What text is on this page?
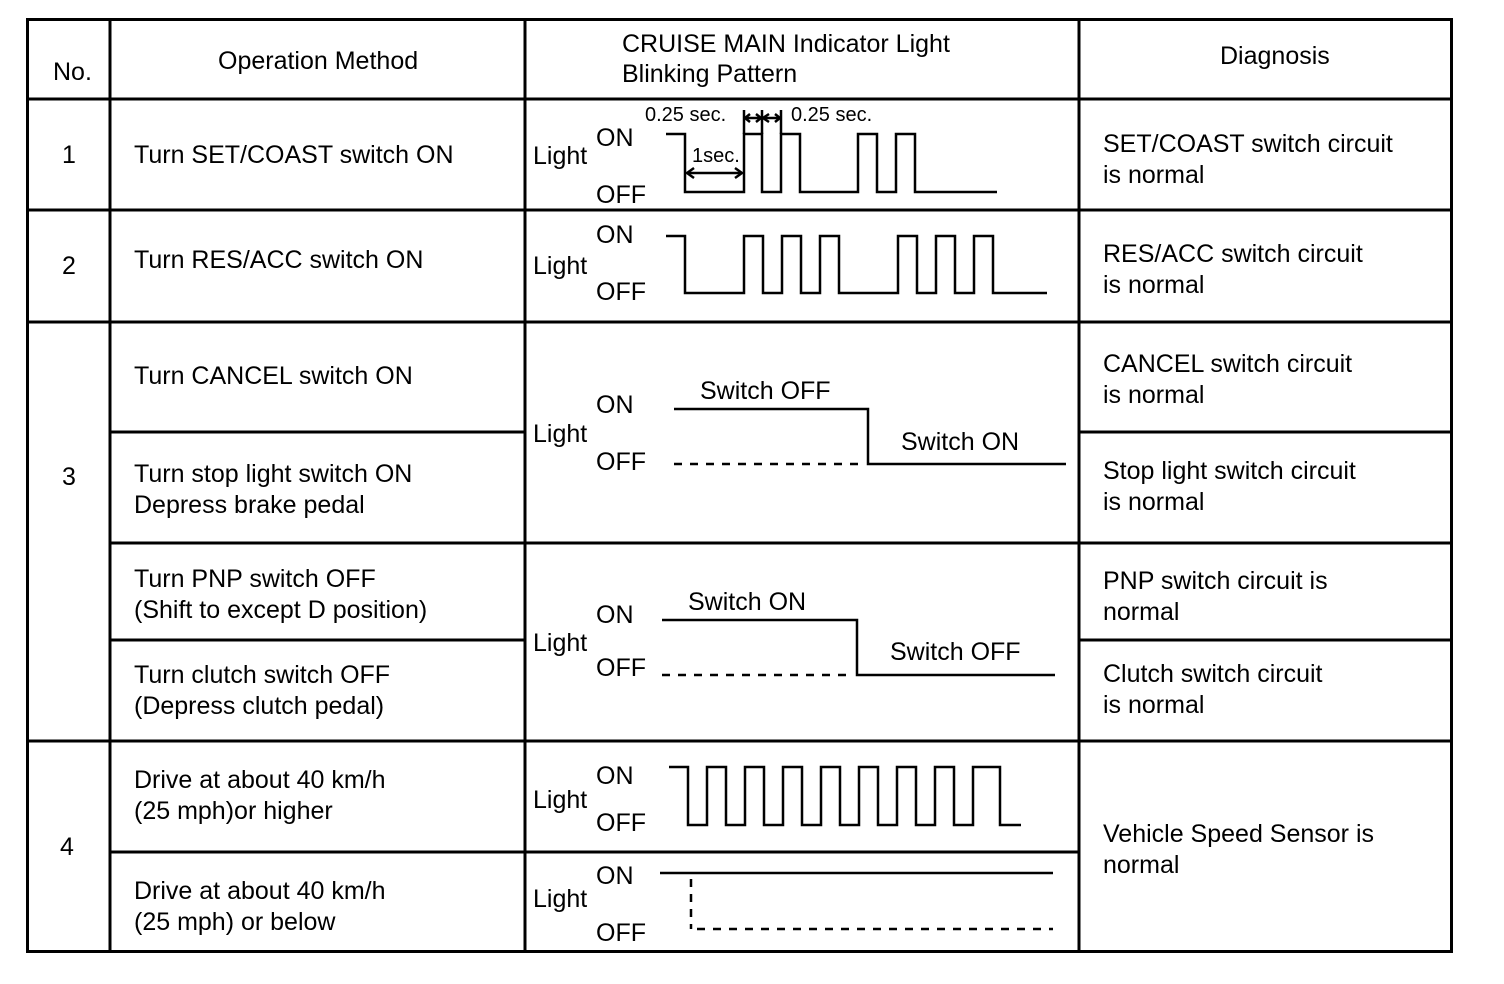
No.	Operation Method
CRUISE MAIN Indicator Light
Blinking Pattern
Diagnosis
1
2
3
4
Turn SET/COAST switch ON
Turn RES/ACC switch ON
Turn CANCEL switch ON
Turn stop light switch ON
Depress brake pedal
Turn PNP switch OFF
(Shift to except D position)
Turn clutch switch OFF
(Depress clutch pedal)
Drive at about 40 km/h
(25 mph)or higher
Drive at about 40 km/h
(25 mph) or below
SET/COAST switch circuit
is normal
RES/ACC switch circuit
is normal
CANCEL switch circuit
is normal
Stop light switch circuit
is normal
PNP switch circuit is
normal
Clutch switch circuit
is normal
Vehicle Speed Sensor is
normal
Light
ON
OFF
Light
ON
OFF
Light
ON
OFF
Light
ON
OFF
Light
ON
OFF
Light
ON
OFF
0.25 sec.	0.25 sec.
1sec.
Switch OFF
Switch ON
Switch ON
Switch OFF
